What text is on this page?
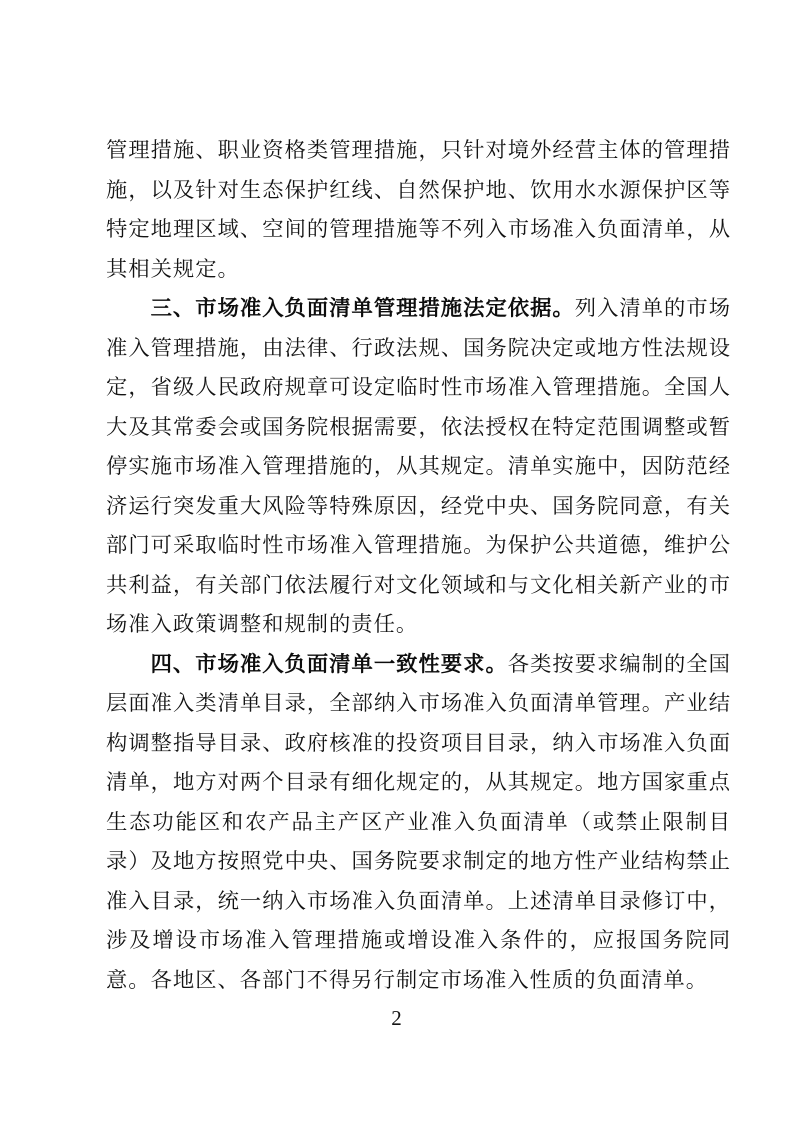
管理措施、职业资格类管理措施，只针对境外经营主体的管理措施，以及针对生态保护红线、自然保护地、饮用水水源保护区等特定地理区域、空间的管理措施等不列入市场准入负面清单，从其相关规定。

三、市场准入负面清单管理措施法定依据。列入清单的市场准入管理措施，由法律、行政法规、国务院决定或地方性法规设定，省级人民政府规章可设定临时性市场准入管理措施。全国人大及其常委会或国务院根据需要，依法授权在特定范围调整或暂停实施市场准入管理措施的，从其规定。清单实施中，因防范经济运行突发重大风险等特殊原因，经党中央、国务院同意，有关部门可采取临时性市场准入管理措施。为保护公共道德，维护公共利益，有关部门依法履行对文化领域和与文化相关新产业的市场准入政策调整和规制的责任。

四、市场准入负面清单一致性要求。各类按要求编制的全国层面准入类清单目录，全部纳入市场准入负面清单管理。产业结构调整指导目录、政府核准的投资项目目录，纳入市场准入负面清单，地方对两个目录有细化规定的，从其规定。地方国家重点生态功能区和农产品主产区产业准入负面清单（或禁止限制目录）及地方按照党中央、国务院要求制定的地方性产业结构禁止准入目录，统一纳入市场准入负面清单。上述清单目录修订中，涉及增设市场准入管理措施或增设准入条件的，应报国务院同意。各地区、各部门不得另行制定市场准入性质的负面清单。

2
